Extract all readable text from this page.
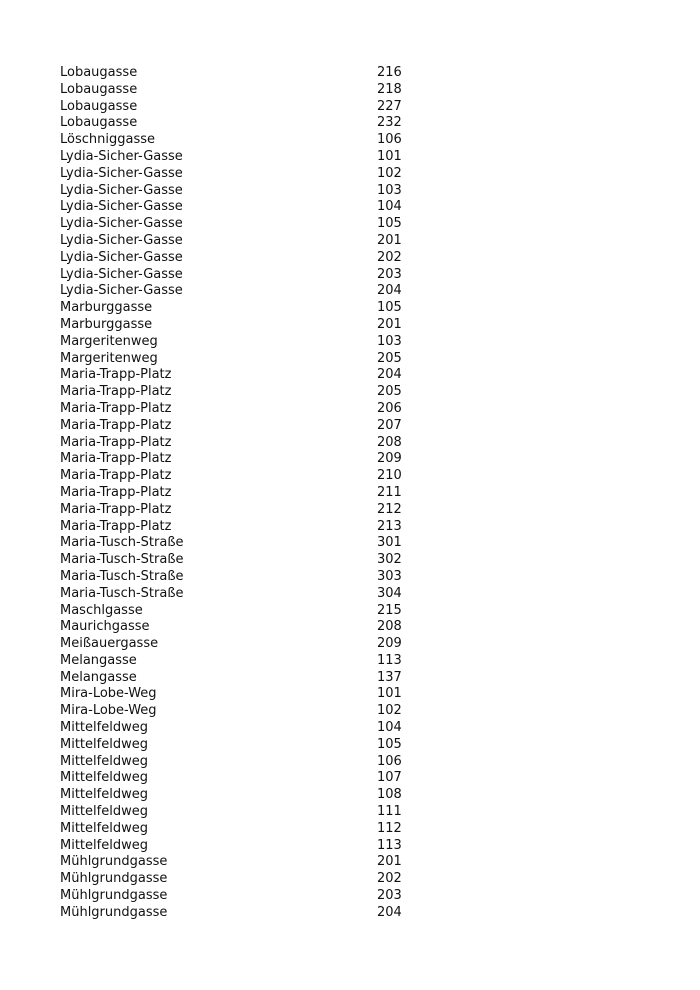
Lobaugasse	216
Lobaugasse	218
Lobaugasse	227
Lobaugasse	232
Löschniggasse	106
Lydia-Sicher-Gasse	101
Lydia-Sicher-Gasse	102
Lydia-Sicher-Gasse	103
Lydia-Sicher-Gasse	104
Lydia-Sicher-Gasse	105
Lydia-Sicher-Gasse	201
Lydia-Sicher-Gasse	202
Lydia-Sicher-Gasse	203
Lydia-Sicher-Gasse	204
Marburggasse	105
Marburggasse	201
Margeritenweg	103
Margeritenweg	205
Maria-Trapp-Platz	204
Maria-Trapp-Platz	205
Maria-Trapp-Platz	206
Maria-Trapp-Platz	207
Maria-Trapp-Platz	208
Maria-Trapp-Platz	209
Maria-Trapp-Platz	210
Maria-Trapp-Platz	211
Maria-Trapp-Platz	212
Maria-Trapp-Platz	213
Maria-Tusch-Straße	301
Maria-Tusch-Straße	302
Maria-Tusch-Straße	303
Maria-Tusch-Straße	304
Maschlgasse	215
Maurichgasse	208
Meißauergasse	209
Melangasse	113
Melangasse	137
Mira-Lobe-Weg	101
Mira-Lobe-Weg	102
Mittelfeldweg	104
Mittelfeldweg	105
Mittelfeldweg	106
Mittelfeldweg	107
Mittelfeldweg	108
Mittelfeldweg	111
Mittelfeldweg	112
Mittelfeldweg	113
Mühlgrundgasse	201
Mühlgrundgasse	202
Mühlgrundgasse	203
Mühlgrundgasse	204
